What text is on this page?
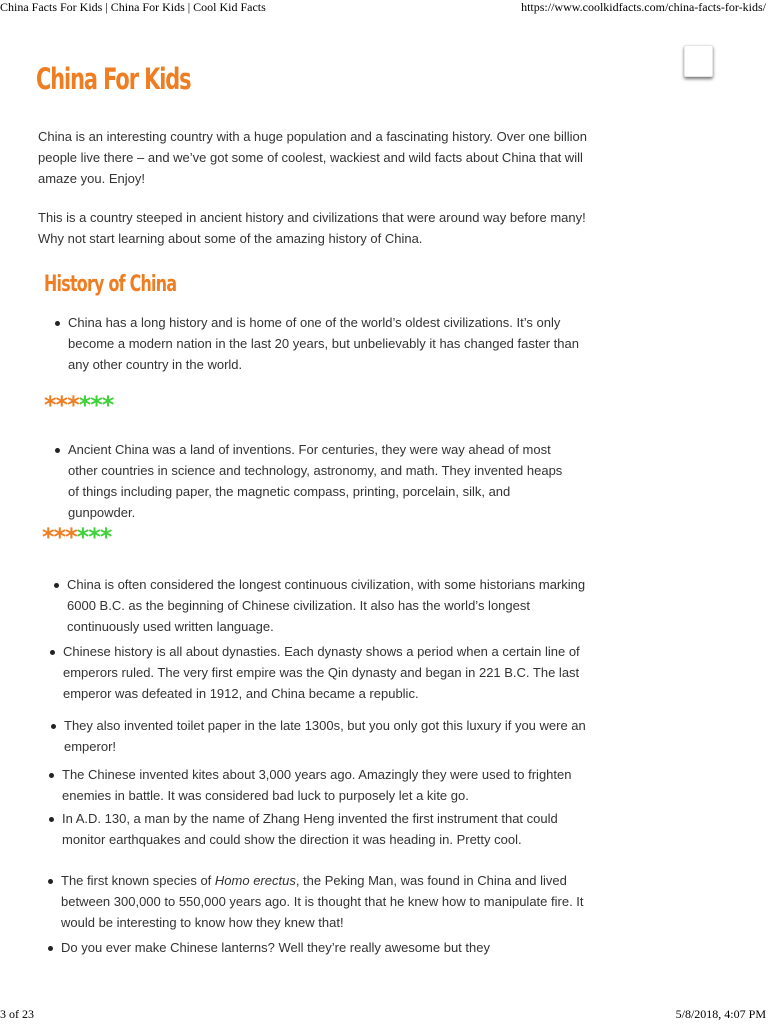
China Facts For Kids | China For Kids | Cool Kid Facts	https://www.coolkidfacts.com/china-facts-for-kids/
China For Kids

China is an interesting country with a huge population and a fascinating history. Over one billion people live there – and we’ve got some of coolest, wackiest and wild facts about China that will amaze you. Enjoy!

This is a country steeped in ancient history and civilizations that were around way before many! Why not start learning about some of the amazing history of China.

History of China

China has a long history and is home of one of the world’s oldest civilizations. It’s only become a modern nation in the last 20 years, but unbelievably it has changed faster than any other country in the world.

******

Ancient China was a land of inventions. For centuries, they were way ahead of most other countries in science and technology, astronomy, and math. They invented heaps of things including paper, the magnetic compass, printing, porcelain, silk, and gunpowder.

******

China is often considered the longest continuous civilization, with some historians marking 6000 B.C. as the beginning of Chinese civilization. It also has the world’s longest continuously used written language.

Chinese history is all about dynasties. Each dynasty shows a period when a certain line of emperors ruled. The very first empire was the Qin dynasty and began in 221 B.C. The last emperor was defeated in 1912, and China became a republic.

They also invented toilet paper in the late 1300s, but you only got this luxury if you were an emperor!

The Chinese invented kites about 3,000 years ago. Amazingly they were used to frighten enemies in battle. It was considered bad luck to purposely let a kite go.

In A.D. 130, a man by the name of Zhang Heng invented the first instrument that could monitor earthquakes and could show the direction it was heading in. Pretty cool.

The first known species of Homo erectus, the Peking Man, was found in China and lived between 300,000 to 550,000 years ago. It is thought that he knew how to manipulate fire. It would be interesting to know how they knew that!

Do you ever make Chinese lanterns? Well they’re really awesome but they

3 of 23	5/8/2018, 4:07 PM
